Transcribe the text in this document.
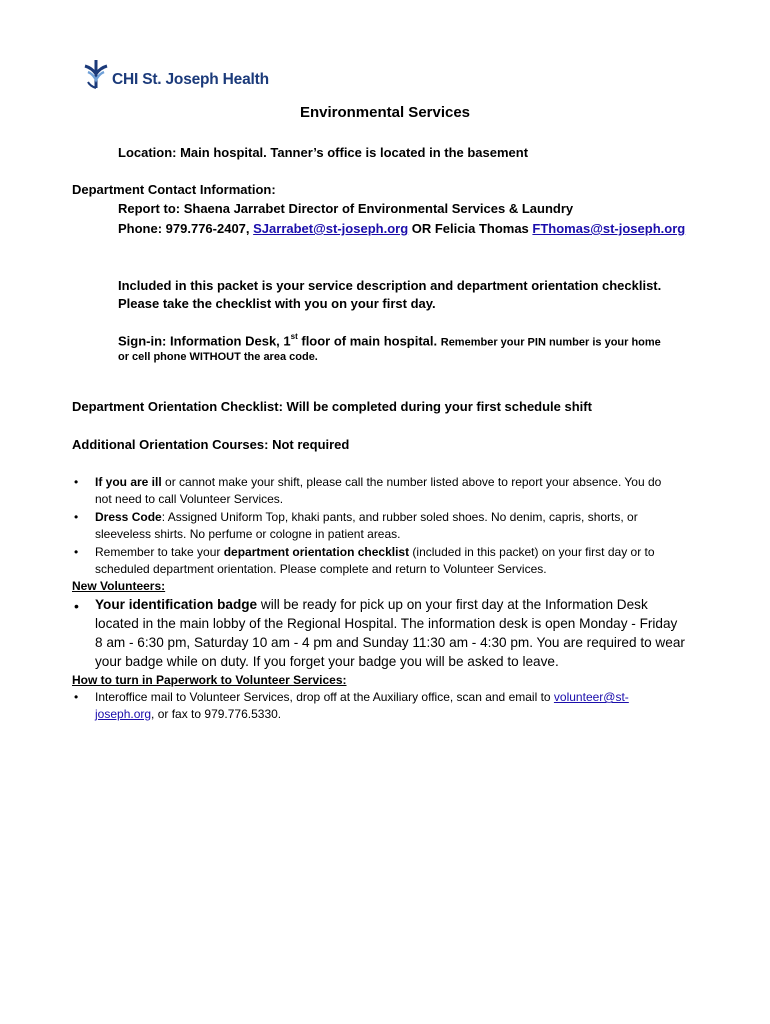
CHI St. Joseph Health
Environmental Services
Location: Main hospital. Tanner’s office is located in the basement
Department Contact Information:
Report to: Shaena Jarrabet Director of Environmental Services & Laundry
Phone: 979.776-2407, SJarrabet@st-joseph.org OR Felicia Thomas FThomas@st-joseph.org
Included in this packet is your service description and department orientation checklist.
Please take the checklist with you on your first day.
Sign-in: Information Desk, 1st floor of main hospital. Remember your PIN number is your home
or cell phone WITHOUT the area code.
Department Orientation Checklist: Will be completed during your first schedule shift
Additional Orientation Courses: Not required
• If you are ill or cannot make your shift, please call the number listed above to report your absence. You do
not need to call Volunteer Services.
• Dress Code: Assigned Uniform Top, khaki pants, and rubber soled shoes. No denim, capris, shorts, or
sleeveless shirts. No perfume or cologne in patient areas.
• Remember to take your department orientation checklist (included in this packet) on your first day or to
scheduled department orientation. Please complete and return to Volunteer Services.
New Volunteers:
• Your identification badge will be ready for pick up on your first day at the Information Desk
located in the main lobby of the Regional Hospital. The information desk is open Monday - Friday
8 am - 6:30 pm, Saturday 10 am - 4 pm and Sunday 11:30 am - 4:30 pm. You are required to wear
your badge while on duty. If you forget your badge you will be asked to leave.
How to turn in Paperwork to Volunteer Services:
• Interoffice mail to Volunteer Services, drop off at the Auxiliary office, scan and email to volunteer@st-
joseph.org, or fax to 979.776.5330.
